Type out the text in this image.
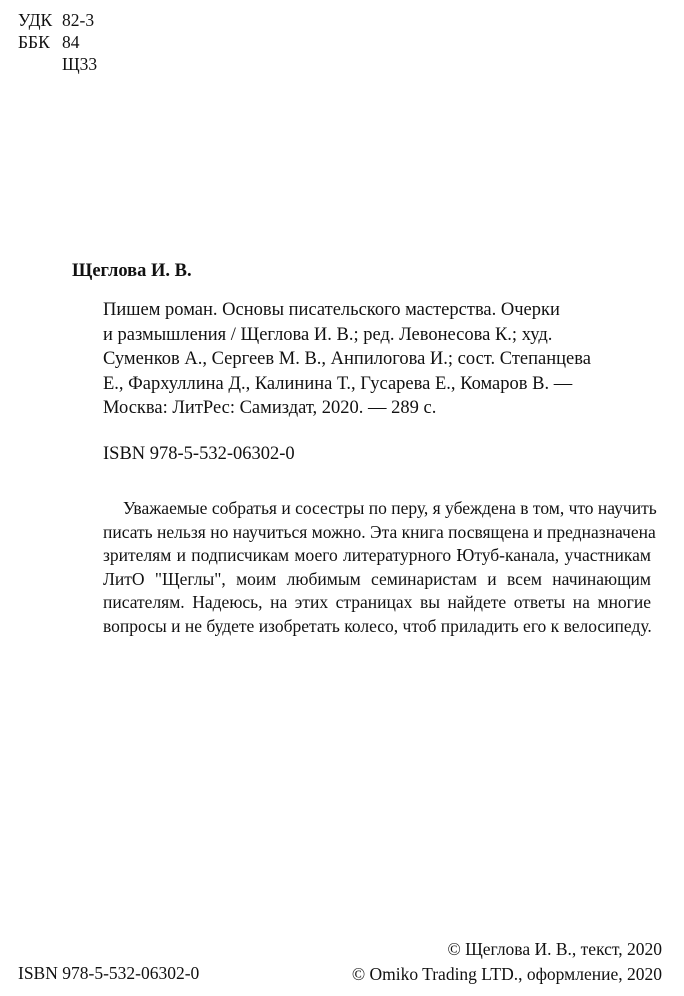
УДК 82-3
ББК 84
Щ33
Щеглова И. В.
Пишем роман. Основы писательского мастерства. Очерки
и размышления / Щеглова И. В.; ред. Левонесова К.; худ.
Суменков А., Сергеев М. В., Анпилогова И.; сост. Степанцева
Е., Фархуллина Д., Калинина Т., Гусарева Е., Комаров В. —
Москва: ЛитРес: Самиздат, 2020. — 289 с.
ISBN 978-5-532-06302-0
Уважаемые собратья и сосестры по перу, я убеждена в том, что научить
писать нельзя но научиться можно. Эта книга посвящена и предназначена
зрителям и подписчикам моего литературного Ютуб-канала, участникам
ЛитО "Щеглы", моим любимым семинаристам и всем начинающим
писателям. Надеюсь, на этих страницах вы найдете ответы на многие
вопросы и не будете изобретать колесо, чтоб приладить его к велосипеду.
ISBN 978-5-532-06302-0
© Щеглова И. В., текст, 2020
© Omiko Trading LTD., оформление, 2020
